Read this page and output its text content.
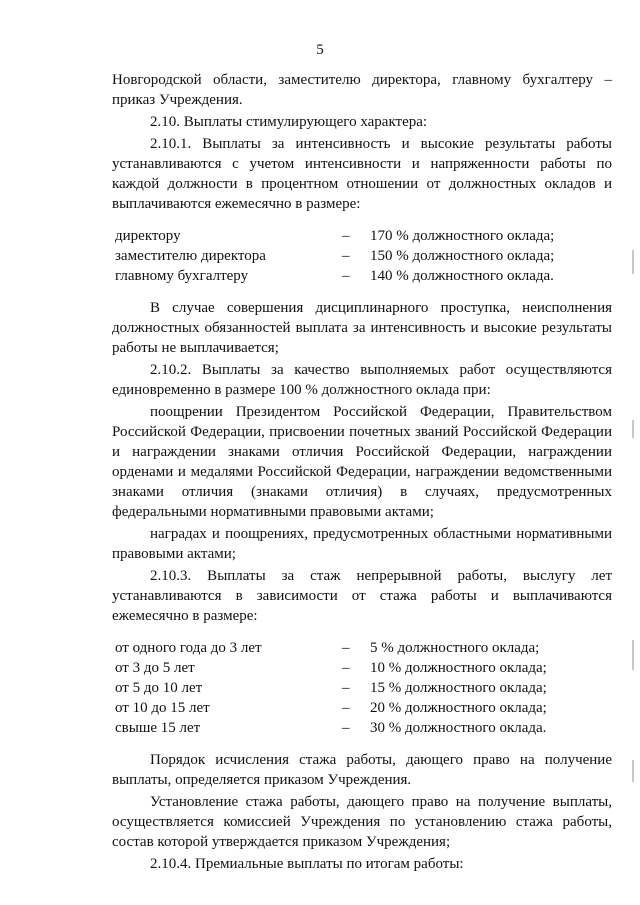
5

Новгородской области, заместителю директора, главному бухгалтеру – приказ Учреждения.

2.10. Выплаты стимулирующего характера:

2.10.1. Выплаты за интенсивность и высокие результаты работы устанавливаются с учетом интенсивности и напряженности работы по каждой должности в процентном отношении от должностных окладов и выплачиваются ежемесячно в размере:

директору	–	170 % должностного оклада;
заместителю директора	–	150 % должностного оклада;
главному бухгалтеру	–	140 % должностного оклада.

В случае совершения дисциплинарного проступка, неисполнения должностных обязанностей выплата за интенсивность и высокие результаты работы не выплачивается;

2.10.2. Выплаты за качество выполняемых работ осуществляются единовременно в размере 100 % должностного оклада при:

поощрении Президентом Российской Федерации, Правительством Российской Федерации, присвоении почетных званий Российской Федерации и награждении знаками отличия Российской Федерации, награждении орденами и медалями Российской Федерации, награждении ведомственными знаками отличия (знаками отличия) в случаях, предусмотренных федеральными нормативными правовыми актами;

наградах и поощрениях, предусмотренных областными нормативными правовыми актами;

2.10.3. Выплаты за стаж непрерывной работы, выслугу лет устанавливаются в зависимости от стажа работы и выплачиваются ежемесячно в размере:

от одного года до 3 лет	–	5 % должностного оклада;
от 3 до 5 лет	–	10 % должностного оклада;
от 5 до 10 лет	–	15 % должностного оклада;
от 10 до 15 лет	–	20 % должностного оклада;
свыше 15 лет	–	30 % должностного оклада.

Порядок исчисления стажа работы, дающего право на получение выплаты, определяется приказом Учреждения.

Установление стажа работы, дающего право на получение выплаты, осуществляется комиссией Учреждения по установлению стажа работы, состав которой утверждается приказом Учреждения;

2.10.4. Премиальные выплаты по итогам работы:
